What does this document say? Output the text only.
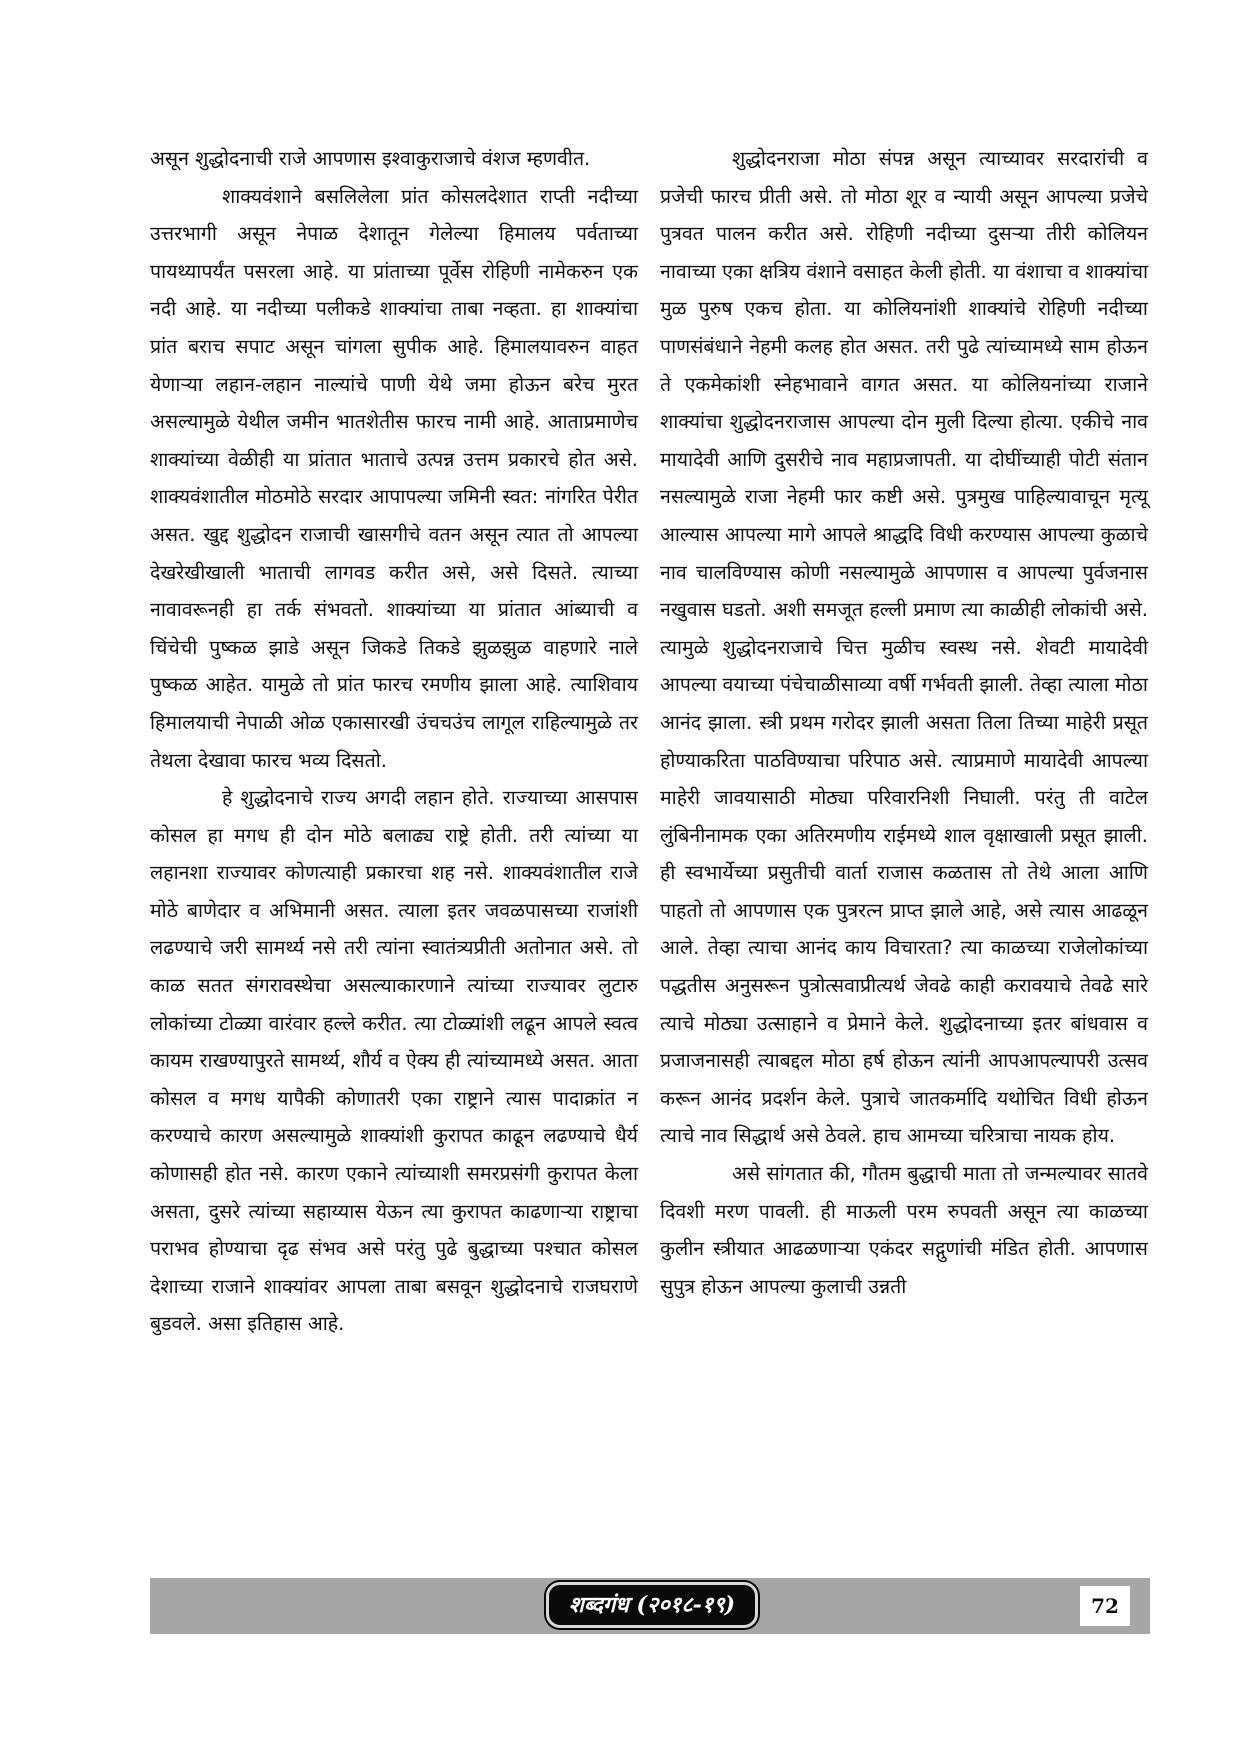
असून शुद्धोदनाची राजे आपणास इश्वाकुराजाचे वंशज म्हणवीत.

शाक्यवंशाने बसलिलेला प्रांत कोसलदेशात राप्ती नदीच्या उत्तरभागी असून नेपाळ देशातून गेलेल्या हिमालय पर्वताच्या पायथ्यापर्यंत पसरला आहे. या प्रांताच्या पूर्वेस रोहिणी नामेकरुन एक नदी आहे. या नदीच्या पलीकडे शाक्यांचा ताबा नव्हता. हा शाक्यांचा प्रांत बराच सपाट असून चांगला सुपीक आहे. हिमालयावरुन वाहत येणाऱ्या लहान-लहान नाल्यांचे पाणी येथे जमा होऊन बरेच मुरत असल्यामुळे येथील जमीन भातशेतीस फारच नामी आहे. आताप्रमाणेच शाक्यांच्या वेळीही या प्रांतात भाताचे उत्पन्न उत्तम प्रकारचे होत असे. शाक्यवंशातील मोठमोठे सरदार आपापल्या जमिनी स्वत: नांगरित पेरीत असत. खुद्द शुद्धोदन राजाची खासगीचे वतन असून त्यात तो आपल्या देखरेखीखाली भाताची लागवड करीत असे, असे दिसते. त्याच्या नावावरूनही हा तर्क संभवतो. शाक्यांच्या या प्रांतात आंब्याची व चिंचेची पुष्कळ झाडे असून जिकडे तिकडे झुळझुळ वाहणारे नाले पुष्कळ आहेत. यामुळे तो प्रांत फारच रमणीय झाला आहे. त्याशिवाय हिमालयाची नेपाळी ओळ एकासारखी उंचचउंच लागूल राहिल्यामुळे तर तेथला देखावा फारच भव्य दिसतो.

हे शुद्धोदनाचे राज्य अगदी लहान होते. राज्याच्या आसपास कोसल हा मगध ही दोन मोठे बलाढ्य राष्ट्रे होती. तरी त्यांच्या या लहानशा राज्यावर कोणत्याही प्रकारचा शह नसे. शाक्यवंशातील राजे मोठे बाणेदार व अभिमानी असत. त्याला इतर जवळपासच्या राजांशी लढण्याचे जरी सामर्थ्य नसे तरी त्यांना स्वातंत्र्यप्रीती अतोनात असे. तो काळ सतत संगरावस्थेचा असल्याकारणाने त्यांच्या राज्यावर लुटारु लोकांच्या टोळ्या वारंवार हल्ले करीत. त्या टोळ्यांशी लढून आपले स्वत्व कायम राखण्यापुरते सामर्थ्य, शौर्य व ऐक्य ही त्यांच्यामध्ये असत. आता कोसल व मगध यापैकी कोणातरी एका राष्ट्राने त्यास पादाक्रांत न करण्याचे कारण असल्यामुळे शाक्यांशी कुरापत काढून लढण्याचे धैर्य कोणासही होत नसे. कारण एकाने त्यांच्याशी समरप्रसंगी कुरापत केला असता, दुसरे त्यांच्या सहाय्यास येऊन त्या कुरापत काढणाऱ्या राष्ट्राचा पराभव होण्याचा दृढ संभव असे परंतु पुढे बुद्धाच्या पश्चात कोसल देशाच्या राजाने शाक्यांवर आपला ताबा बसवून शुद्धोदनाचे राजघराणे बुडवले. असा इतिहास आहे.

शुद्धोदनराजा मोठा संपन्न असून त्याच्यावर सरदारांची व प्रजेची फारच प्रीती असे. तो मोठा शूर व न्यायी असून आपल्या प्रजेचे पुत्रवत पालन करीत असे. रोहिणी नदीच्या दुसऱ्या तीरी कोलियन नावाच्या एका क्षत्रिय वंशाने वसाहत केली होती. या वंशाचा व शाक्यांचा मुळ पुरुष एकच होता. या कोलियनांशी शाक्यांचे रोहिणी नदीच्या पाणसंबंधाने नेहमी कलह होत असत. तरी पुढे त्यांच्यामध्ये साम होऊन ते एकमेकांशी स्नेहभावाने वागत असत. या कोलियनांच्या राजाने शाक्यांचा शुद्धोदनराजास आपल्या दोन मुली दिल्या होत्या. एकीचे नाव मायादेवी आणि दुसरीचे नाव महाप्रजापती. या दोघींच्याही पोटी संतान नसल्यामुळे राजा नेहमी फार कष्टी असे. पुत्रमुख पाहिल्यावाचून मृत्यू आल्यास आपल्या मागे आपले श्राद्धदि विधी करण्यास आपल्या कुळाचे नाव चालविण्यास कोणी नसल्यामुळे आपणास व आपल्या पुर्वजनास नखुवास घडतो. अशी समजूत हल्ली प्रमाण त्या काळीही लोकांची असे. त्यामुळे शुद्धोदनराजाचे चित्त मुळीच स्वस्थ नसे. शेवटी मायादेवी आपल्या वयाच्या पंचेचाळीसाव्या वर्षी गर्भवती झाली. तेव्हा त्याला मोठा आनंद झाला. स्त्री प्रथम गरोदर झाली असता तिला तिच्या माहेरी प्रसूत होण्याकरिता पाठविण्याचा परिपाठ असे. त्याप्रमाणे मायादेवी आपल्या माहेरी जावयासाठी मोठ्या परिवारनिशी निघाली. परंतु ती वाटेल लुंबिनीनामक एका अतिरमणीय राईमध्ये शाल वृक्षाखाली प्रसूत झाली. ही स्वभार्येच्या प्रसुतीची वार्ता राजास कळतास तो तेथे आला आणि पाहतो तो आपणास एक पुत्ररत्न प्राप्त झाले आहे, असे त्यास आढळून आले. तेव्हा त्याचा आनंद काय विचारता? त्या काळच्या राजेलोकांच्या पद्धतीस अनुसरून पुत्रोत्सवाप्रीत्यर्थ जेवढे काही करावयाचे तेवढे सारे त्याचे मोठ्या उत्साहाने व प्रेमाने केले. शुद्धोदनाच्या इतर बांधवास व प्रजाजनासही त्याबद्दल मोठा हर्ष होऊन त्यांनी आपआपल्यापरी उत्सव करून आनंद प्रदर्शन केले. पुत्राचे जातकर्मादि यथोचित विधी होऊन त्याचे नाव सिद्धार्थ असे ठेवले. हाच आमच्या चरित्राचा नायक होय.

असे सांगतात की, गौतम बुद्धाची माता तो जन्मल्यावर सातवे दिवशी मरण पावली. ही माऊली परम रुपवती असून त्या काळच्या कुलीन स्त्रीयात आढळणाऱ्या एकंदर सद्गुणांची मंडित होती. आपणास सुपुत्र होऊन आपल्या कुलाची उन्नती

शब्दगंध (२०१८-१९)	72
